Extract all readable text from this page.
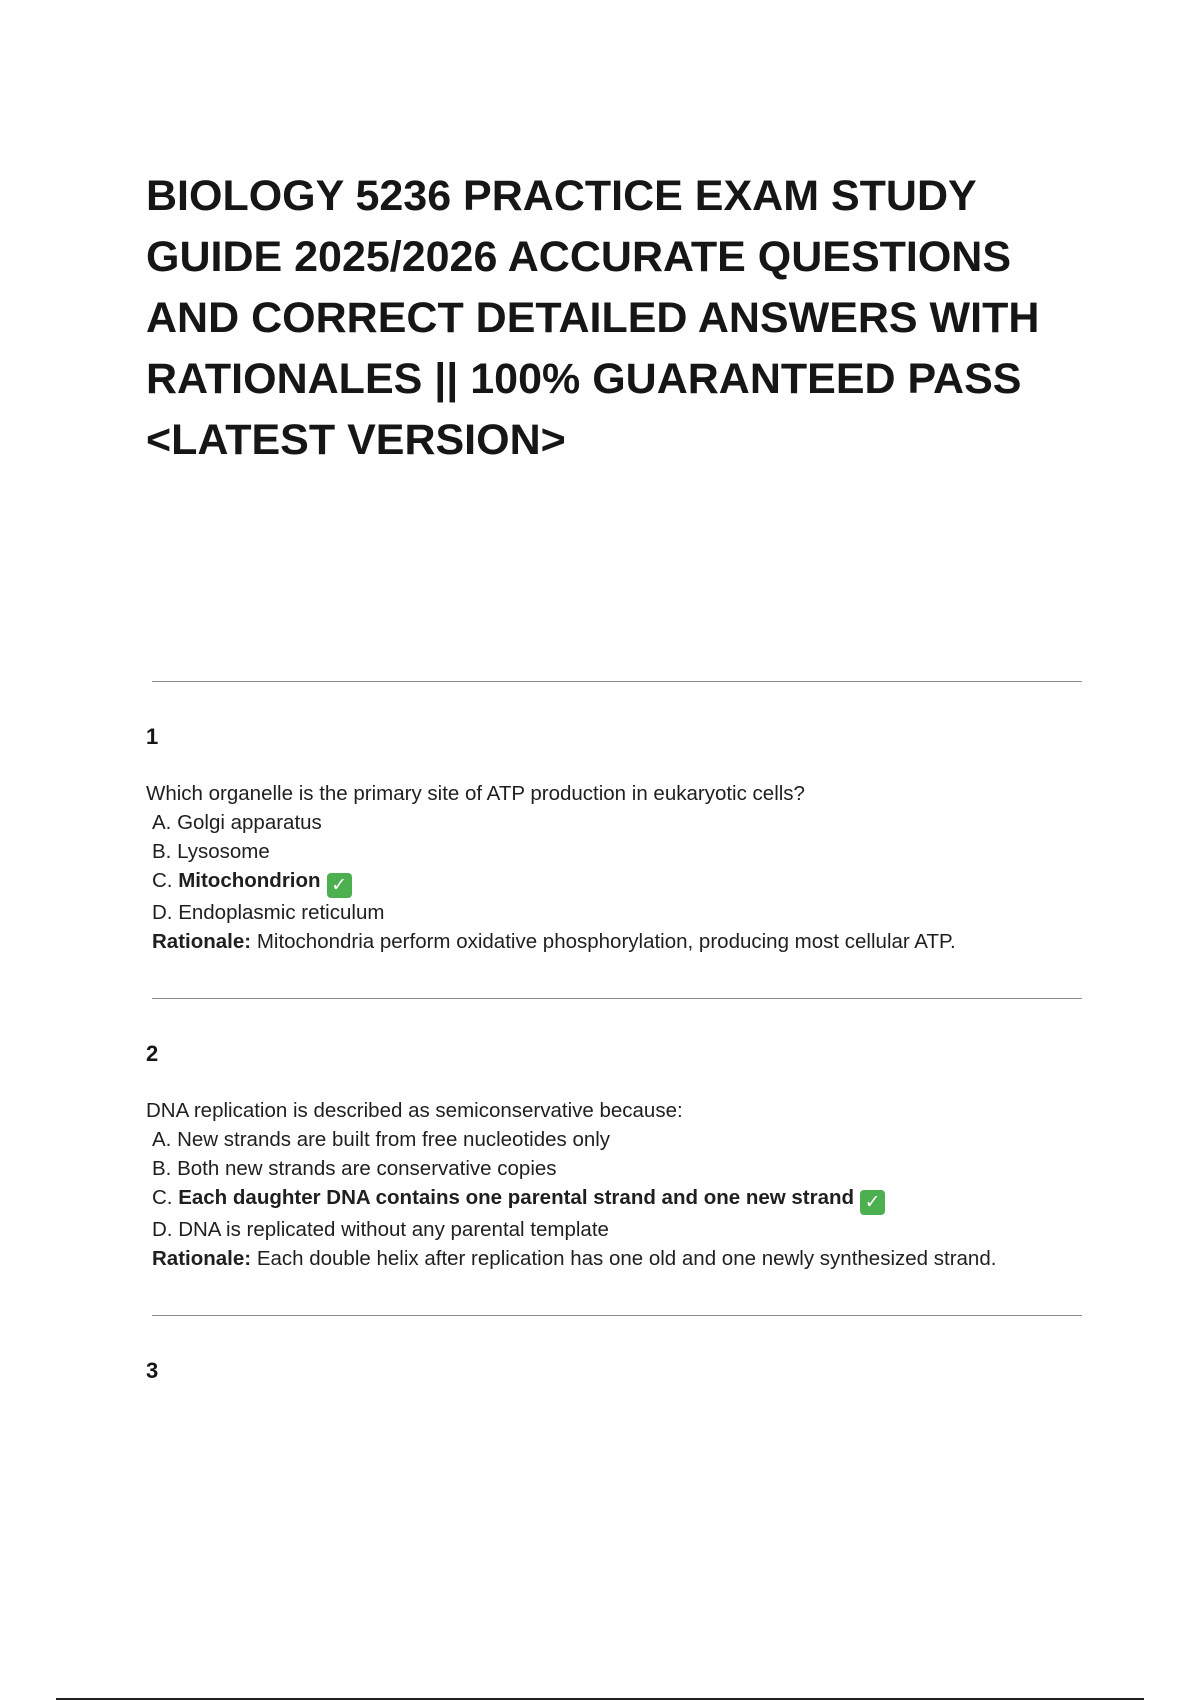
BIOLOGY 5236 PRACTICE EXAM STUDY GUIDE 2025/2026 ACCURATE QUESTIONS AND CORRECT DETAILED ANSWERS WITH RATIONALES || 100% GUARANTEED PASS <LATEST VERSION>
1
Which organelle is the primary site of ATP production in eukaryotic cells?
A. Golgi apparatus
B. Lysosome
C. Mitochondrion ✓
D. Endoplasmic reticulum
Rationale: Mitochondria perform oxidative phosphorylation, producing most cellular ATP.
2
DNA replication is described as semiconservative because:
A. New strands are built from free nucleotides only
B. Both new strands are conservative copies
C. Each daughter DNA contains one parental strand and one new strand ✓
D. DNA is replicated without any parental template
Rationale: Each double helix after replication has one old and one newly synthesized strand.
3
